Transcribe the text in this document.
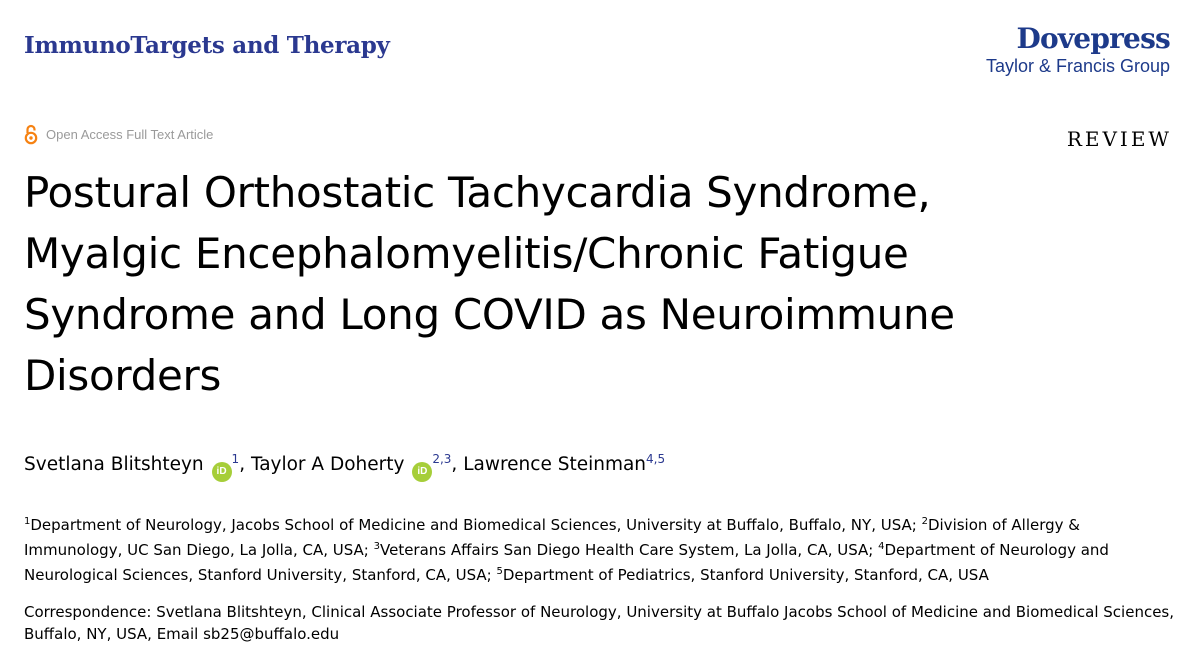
ImmunoTargets and Therapy	Dovepress
Taylor & Francis Group
Open Access Full Text Article	REVIEW
Postural Orthostatic Tachycardia Syndrome,
Myalgic Encephalomyelitis/Chronic Fatigue
Syndrome and Long COVID as Neuroimmune
Disorders
Svetlana Blitshteyn $iD^1$, Taylor A Doherty iD$^{2,3}$, Lawrence Steinman$^{4,5}$
$^1$Department of Neurology, Jacobs School of Medicine and Biomedical Sciences, University at Buffalo, Buffalo, NY, USA; $^2$Division of Allergy & Immunology, UC San Diego, La Jolla, CA, USA; $^3$Veterans Affairs San Diego Health Care System, La Jolla, CA, USA; $^4$Department of Neurology and Neurological Sciences, Stanford University, Stanford, CA, USA; $^5$Department of Pediatrics, Stanford University, Stanford, CA, USA
Correspondence: Svetlana Blitshteyn, Clinical Associate Professor of Neurology, University at Buffalo Jacobs School of Medicine and Biomedical Sciences, Buffalo, NY, USA, Email sb25@buffalo.edu
